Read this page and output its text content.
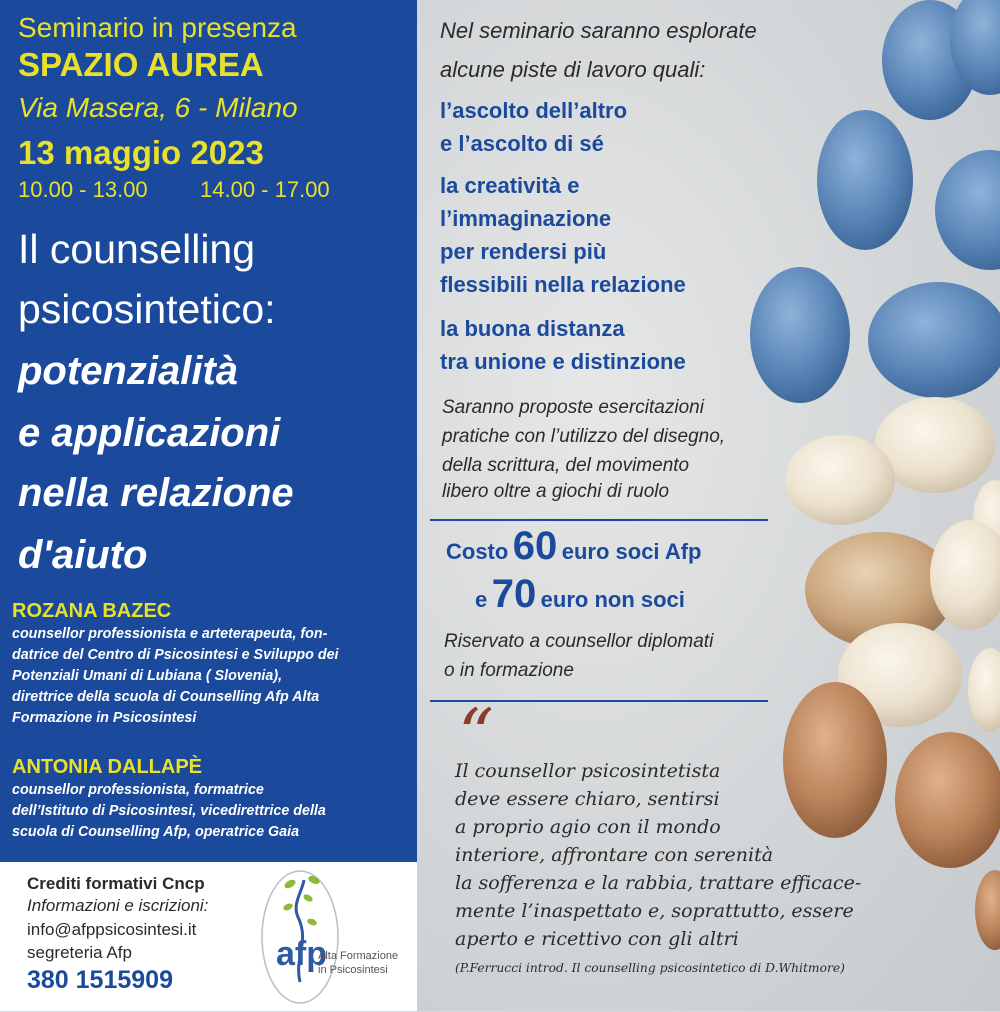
Seminario in presenza
SPAZIO AUREA
Via Masera, 6 - Milano
13 maggio 2023
10.00 - 13.00 14.00 - 17.00
Il counselling
psicosintetico:
potenzialità
e applicazioni
nella relazione
d'aiuto
ROZANA BAZEC
counsellor professionista e arteterapeuta, fon-
datrice del Centro di Psicosintesi e Sviluppo dei
Potenziali Umani di Lubiana ( Slovenia),
direttrice della scuola di Counselling Afp Alta
Formazione in Psicosintesi
ANTONIA DALLAPÈ
counsellor professionista, formatrice
dell’Istituto di Psicosintesi, vicedirettrice della
scuola di Counselling Afp, operatrice Gaia
Crediti formativi Cncp
Informazioni e iscrizioni:
info@afppsicosintesi.it
segreteria Afp
380 1515909
afp
Alta Formazione
in Psicosintesi
Nel seminario saranno esplorate
alcune piste di lavoro quali:
l’ascolto dell’altro
e l’ascolto di sé
la creatività e
l’immaginazione
per rendersi più
flessibili nella relazione
la buona distanza
tra unione e distinzione
Saranno proposte esercitazioni
pratiche con l’utilizzo del disegno,
della scrittura, del movimento
libero oltre a giochi di ruolo
Costo 60 euro soci Afp
e 70 euro non soci
Riservato a counsellor diplomati
o in formazione
“
Il counsellor psicosintetista
deve essere chiaro, sentirsi
a proprio agio con il mondo
interiore, affrontare con serenità
la sofferenza e la rabbia, trattare efficace-
mente l’inaspettato e, soprattutto, essere
aperto e ricettivo con gli altri
(P.Ferrucci introd. Il counselling psicosintetico di D.Whitmore)
